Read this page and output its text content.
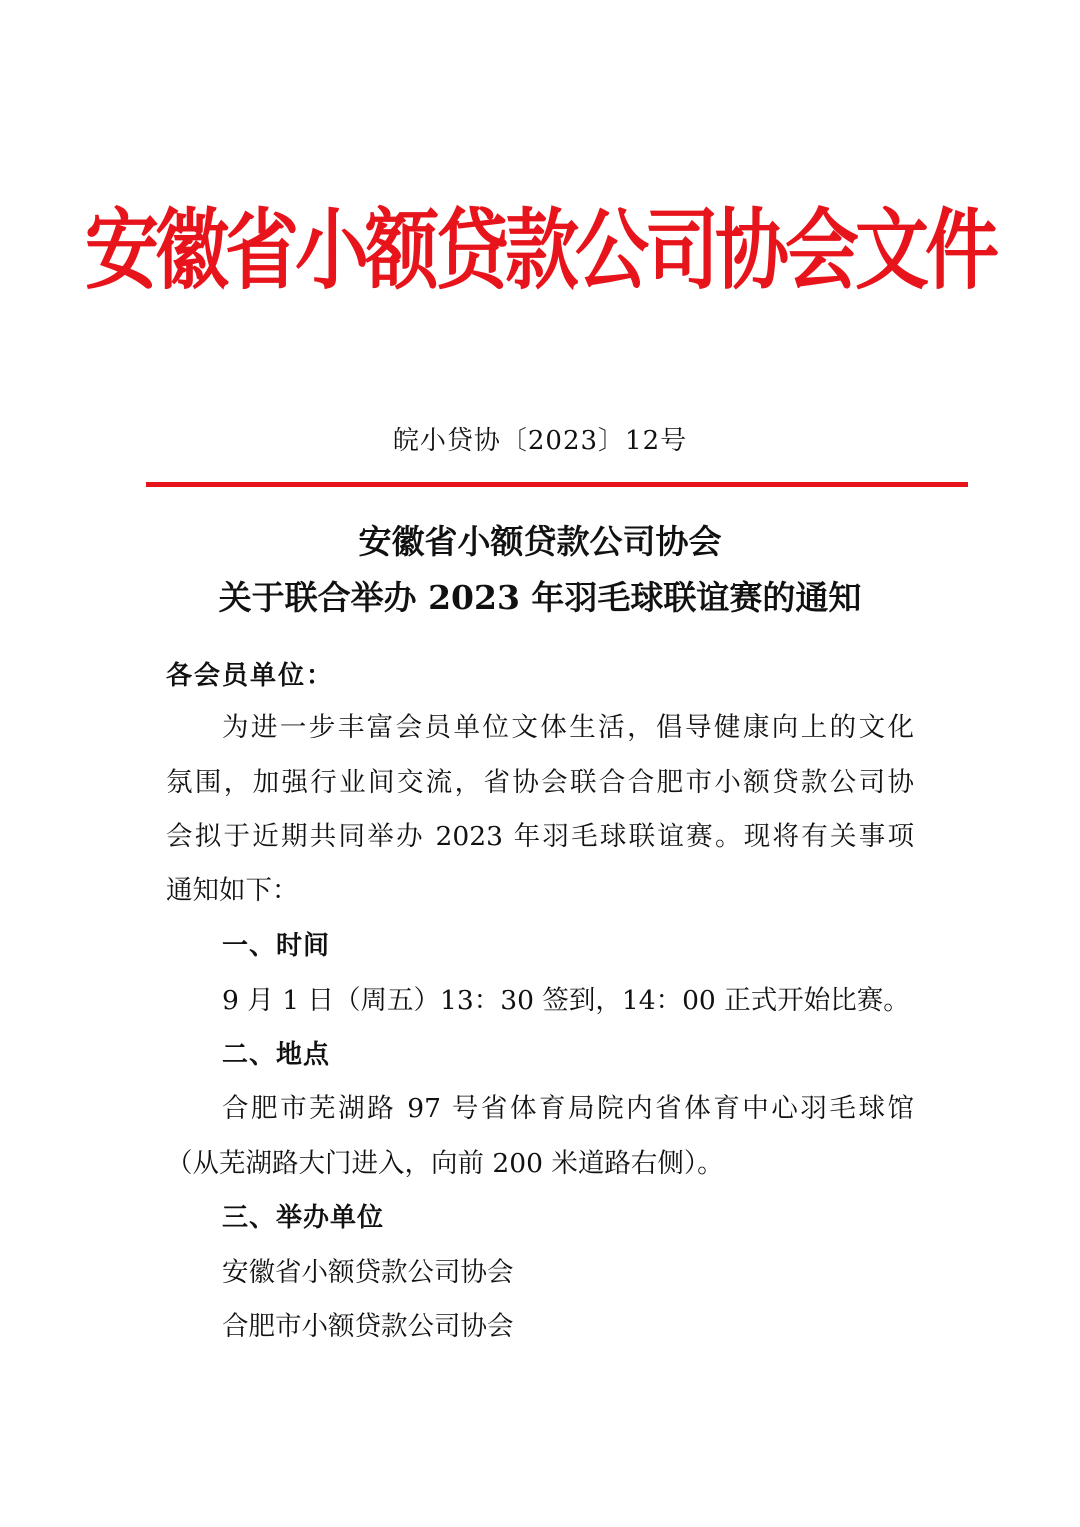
安徽省小额贷款公司协会文件
皖小贷协〔2023〕12号
安徽省小额贷款公司协会
关于联合举办 2023 年羽毛球联谊赛的通知
各会员单位：
为进一步丰富会员单位文体生活，倡导健康向上的文化
氛围，加强行业间交流，省协会联合合肥市小额贷款公司协
会拟于近期共同举办 2023 年羽毛球联谊赛。现将有关事项
通知如下：
一、时间
9 月 1 日（周五）13：30 签到，14：00 正式开始比赛。
二、地点
合肥市芜湖路 97 号省体育局院内省体育中心羽毛球馆
（从芜湖路大门进入，向前 200 米道路右侧）。
三、举办单位
安徽省小额贷款公司协会
合肥市小额贷款公司协会
